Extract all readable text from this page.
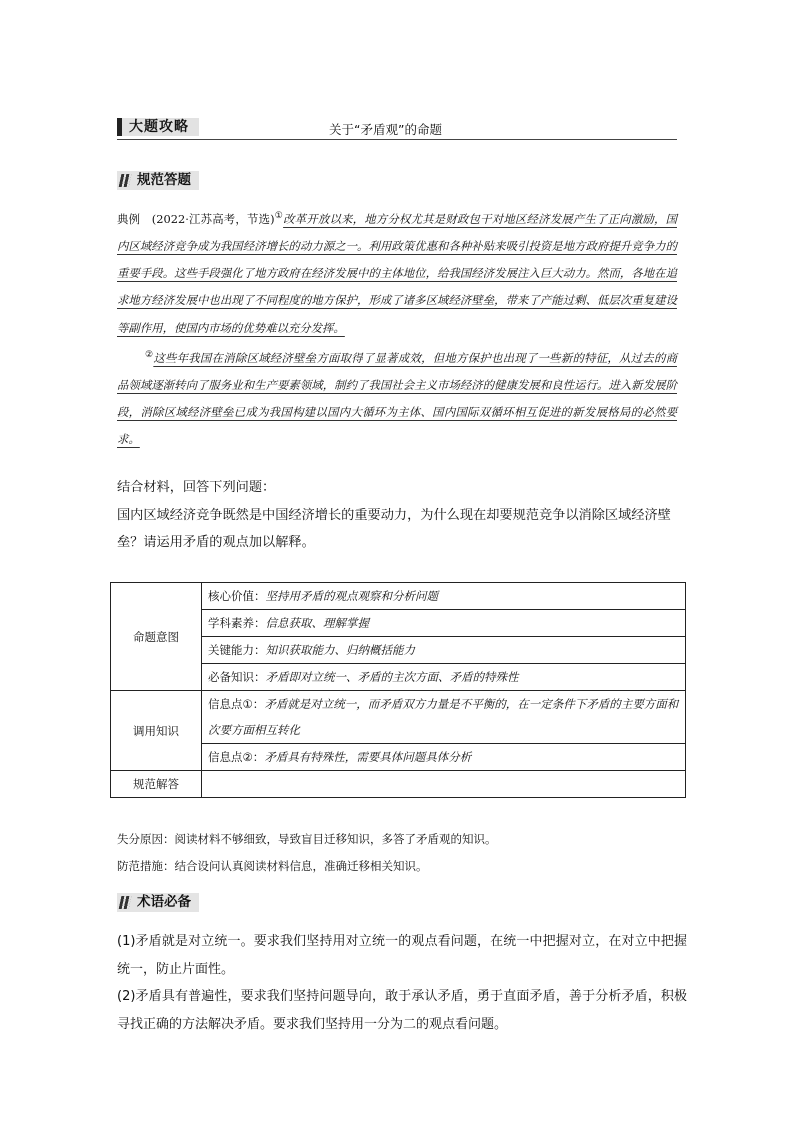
大题攻略	关于“矛盾观”的命题
规范答题

典例　(2022·江苏高考，节选)①改革开放以来，地方分权尤其是财政包干对地区经济发展产生了正向激励，国内区域经济竞争成为我国经济增长的动力源之一。利用政策优惠和各种补贴来吸引投资是地方政府提升竞争力的重要手段。这些手段强化了地方政府在经济发展中的主体地位，给我国经济发展注入巨大动力。然而，各地在追求地方经济发展中也出现了不同程度的地方保护，形成了诸多区域经济壁垒，带来了产能过剩、低层次重复建设等副作用，使国内市场的优势难以充分发挥。

②这些年我国在消除区域经济壁垒方面取得了显著成效，但地方保护也出现了一些新的特征，从过去的商品领域逐渐转向了服务业和生产要素领域，制约了我国社会主义市场经济的健康发展和良性运行。进入新发展阶段，消除区域经济壁垒已成为我国构建以国内大循环为主体、国内国际双循环相互促进的新发展格局的必然要求。

结合材料，回答下列问题：

国内区域经济竞争既然是中国经济增长的重要动力，为什么现在却要规范竞争以消除区域经济壁垒？请运用矛盾的观点加以解释。

命题意图	核心价值：坚持用矛盾的观点观察和分析问题
	学科素养：信息获取、理解掌握
	关键能力：知识获取能力、归纳概括能力
	必备知识：矛盾即对立统一、矛盾的主次方面、矛盾的特殊性
调用知识	信息点①：矛盾就是对立统一，而矛盾双方力量是不平衡的，在一定条件下矛盾的主要方面和次要方面相互转化
	信息点②：矛盾具有特殊性，需要具体问题具体分析
规范解答	

失分原因：阅读材料不够细致，导致盲目迁移知识，多答了矛盾观的知识。

防范措施：结合设问认真阅读材料信息，准确迁移相关知识。

术语必备

(1)矛盾就是对立统一。要求我们坚持用对立统一的观点看问题，在统一中把握对立，在对立中把握统一，防止片面性。

(2)矛盾具有普遍性，要求我们坚持问题导向，敢于承认矛盾，勇于直面矛盾，善于分析矛盾，积极寻找正确的方法解决矛盾。要求我们坚持用一分为二的观点看问题。
